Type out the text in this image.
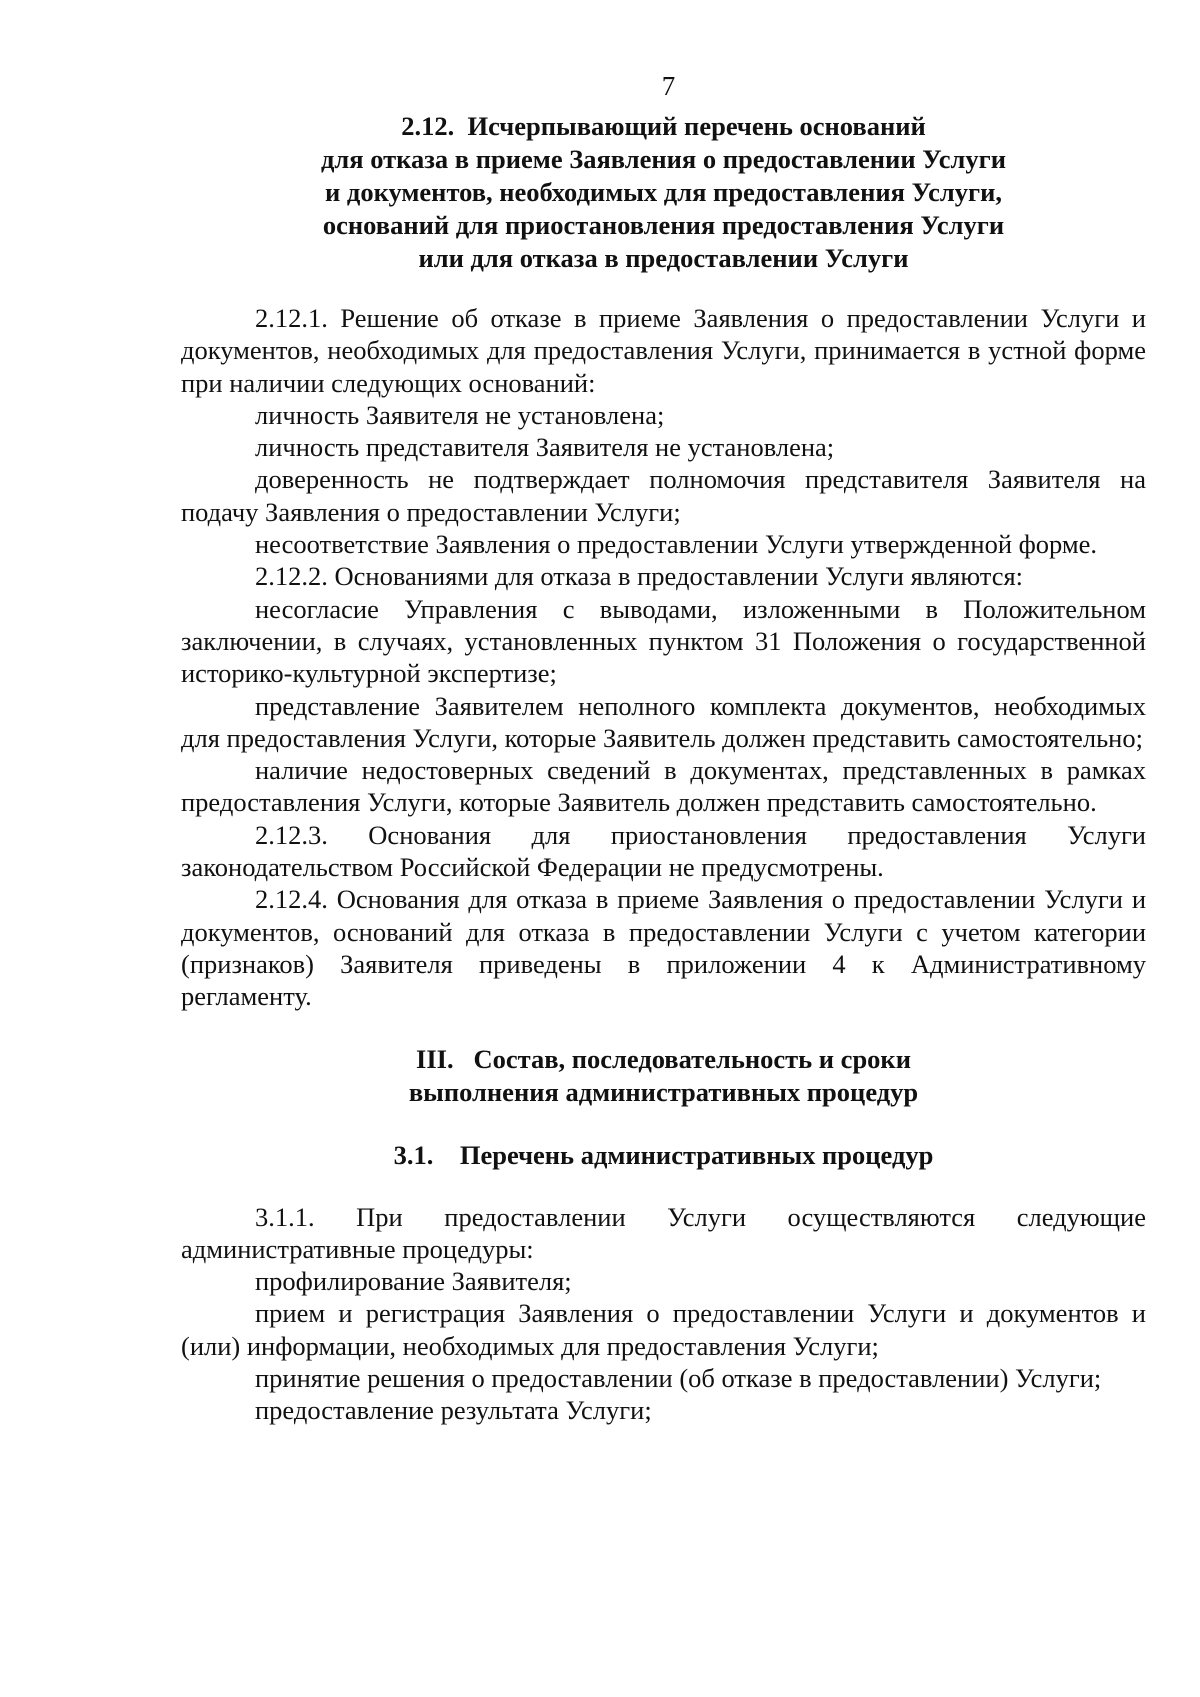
7
2.12.  Исчерпывающий перечень оснований
для отказа в приеме Заявления о предоставлении Услуги
и документов, необходимых для предоставления Услуги,
оснований для приостановления предоставления Услуги
или для отказа в предоставлении Услуги

2.12.1. Решение об отказе в приеме Заявления о предоставлении Услуги и документов, необходимых для предоставления Услуги, принимается в устной форме при наличии следующих оснований:

личность Заявителя не установлена;

личность представителя Заявителя не установлена;

доверенность не подтверждает полномочия представителя Заявителя на подачу Заявления о предоставлении Услуги;

несоответствие Заявления о предоставлении Услуги утвержденной форме.

2.12.2. Основаниями для отказа в предоставлении Услуги являются:

несогласие Управления с выводами, изложенными в Положительном заключении, в случаях, установленных пунктом 31 Положения о государственной историко-культурной экспертизе;

представление Заявителем неполного комплекта документов, необходимых для предоставления Услуги, которые Заявитель должен представить самостоятельно;

наличие недостоверных сведений в документах, представленных в рамках предоставления Услуги, которые Заявитель должен представить самостоятельно.

2.12.3. Основания для приостановления предоставления Услуги законодательством Российской Федерации не предусмотрены.

2.12.4. Основания для отказа в приеме Заявления о предоставлении Услуги и документов, оснований для отказа в предоставлении Услуги с учетом категории (признаков) Заявителя приведены в приложении 4 к Административному регламенту.

III.   Состав, последовательность и сроки
выполнения административных процедур
3.1.    Перечень административных процедур

3.1.1. При предоставлении Услуги осуществляются следующие административные процедуры:

профилирование Заявителя;

прием и регистрация Заявления о предоставлении Услуги и документов и (или) информации, необходимых для предоставления Услуги;

принятие решения о предоставлении (об отказе в предоставлении) Услуги;

предоставление результата Услуги;
